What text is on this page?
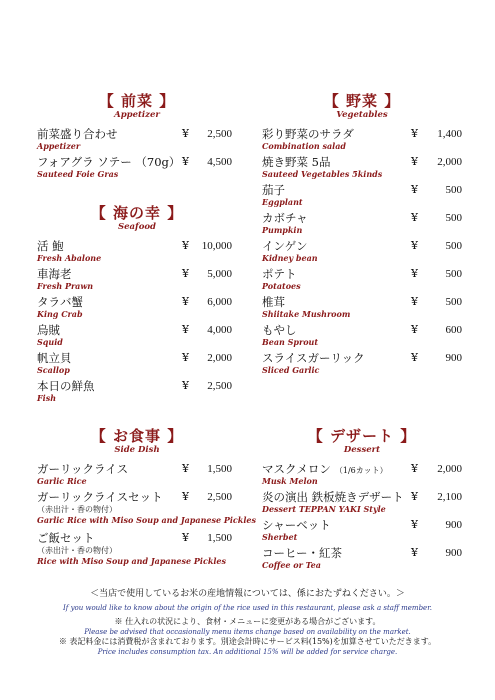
【 前菜 】
Appetizer
前菜盛り合わせ	¥	2,500
Appetizer
フォアグラ ソテー （70g） ¥	4,500
Sauteed Foie Gras
【 海の幸 】
Seafood
活 鮑	¥	10,000
Fresh Abalone
車海老	¥	5,000
Fresh Prawn
タラバ蟹	¥	6,000
King Crab
烏賊	¥	4,000
Squid
帆立貝	¥	2,000
Scallop
本日の鮮魚	¥	2,500
Fish
【 野菜 】
Vegetables
彩り野菜のサラダ	¥	1,400
Combination salad
焼き野菜 5品	¥	2,000
Sauteed Vegetables 5kinds
茄子	¥	500
Eggplant
カボチャ	¥	500
Pumpkin
インゲン	¥	500
Kidney bean
ポテト	¥	500
Potatoes
椎茸	¥	500
Shiitake Mushroom
もやし	¥	600
Bean Sprout
スライスガーリック	¥	900
Sliced Garlic
【 お食事 】
Side Dish
ガーリックライス	¥	1,500
Garlic Rice
ガーリックライスセット ¥	2,500
（赤出汁・香の物付）
Garlic Rice with Miso Soup and Japanese Pickles
ご飯セット	¥	1,500
（赤出汁・香の物付）
Rice with Miso Soup and Japanese Pickles
【 デザート 】
Dessert
マスクメロン （1/6カット） ¥	2,000
Musk Melon
炎の演出 鉄板焼きデザート ¥	2,100
Dessert TEPPAN YAKI Style
シャーベット	¥	900
Sherbet
コーヒー・紅茶	¥	900
Coffee or Tea
＜当店で使用しているお米の産地情報については、係におたずねください。＞
If you would like to know about the origin of the rice used in this restaurant, please ask a staff member.
※ 仕入れの状況により、食材・メニューに変更がある場合がございます。
Please be advised that occasionally menu items change based on availability on the market.
※ 表記料金には消費税が含まれております。別途会計時にサービス料(15%)を加算させていただきます。
Price includes consumption tax. An additional 15% will be added for service charge.
